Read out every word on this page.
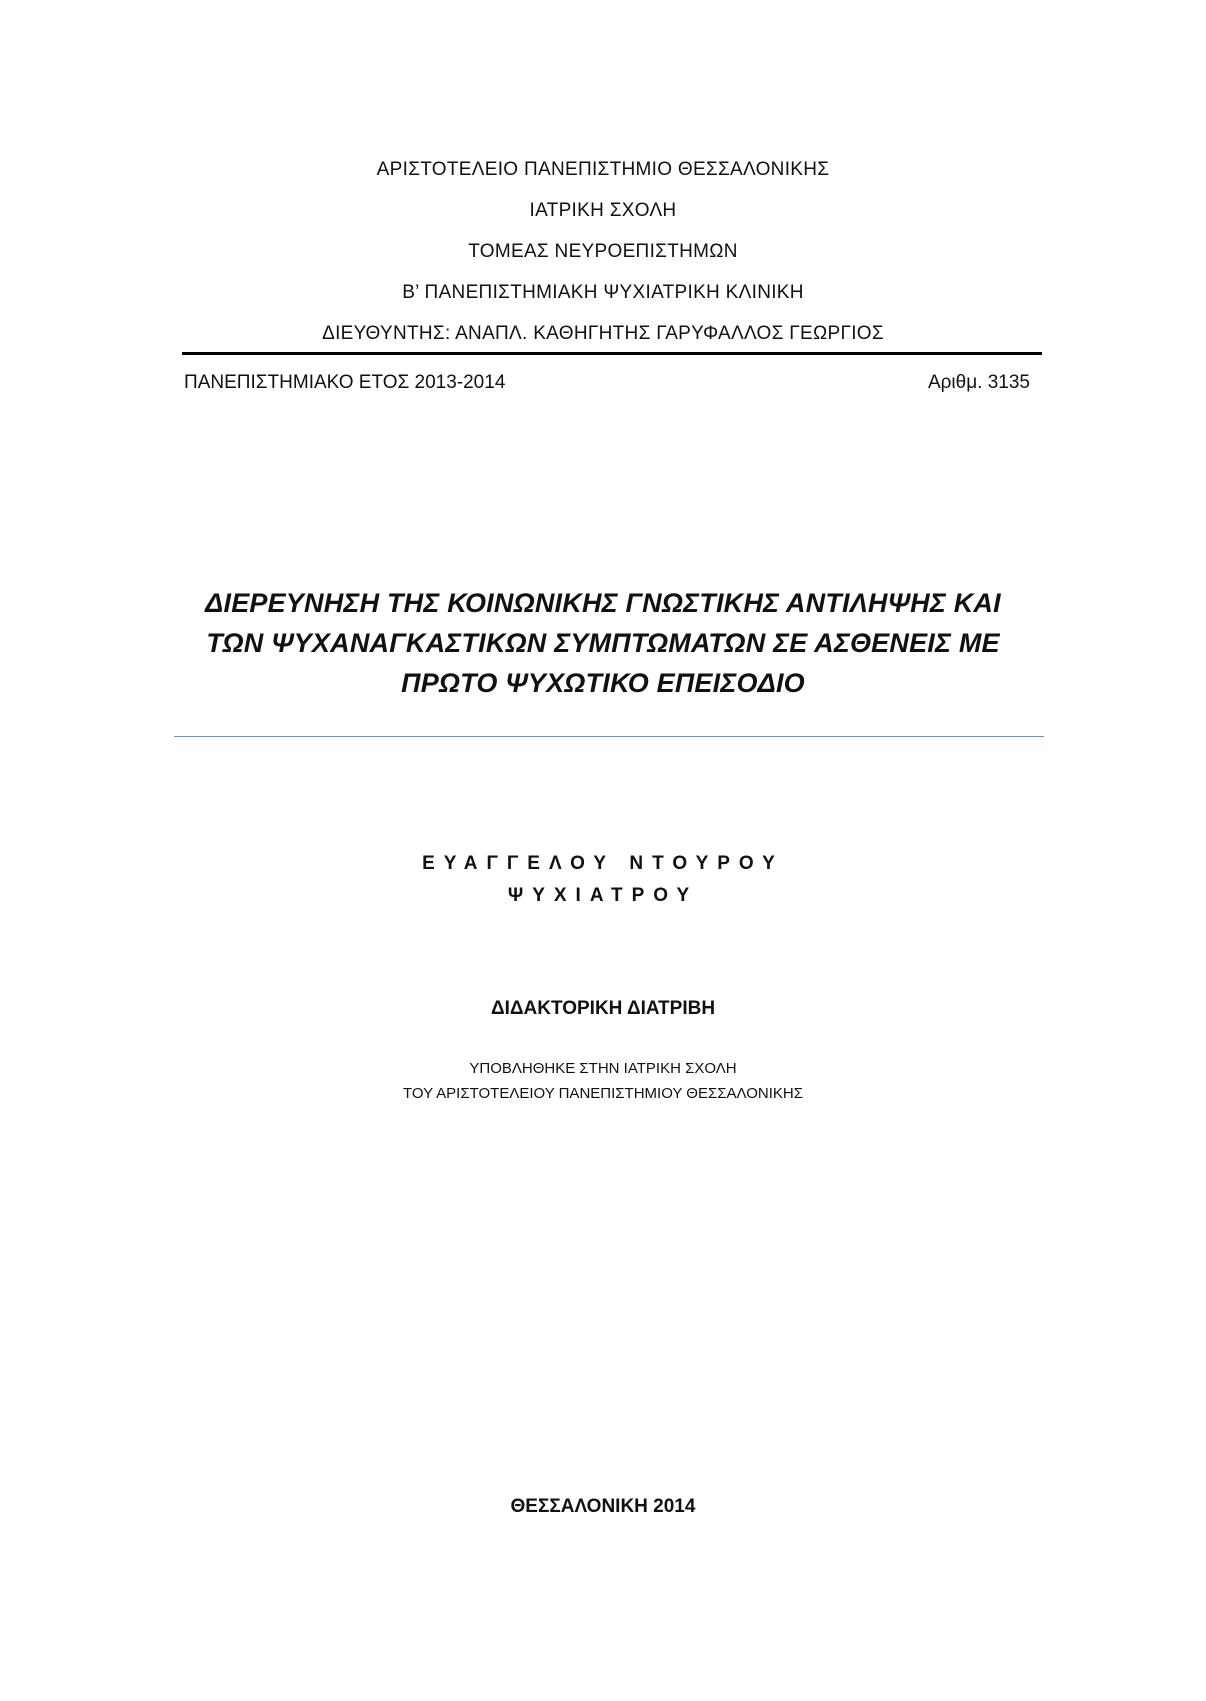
ΑΡΙΣΤΟΤΕΛΕΙΟ ΠΑΝΕΠΙΣΤΗΜΙΟ ΘΕΣΣΑΛΟΝΙΚΗΣ
ΙΑΤΡΙΚΗ ΣΧΟΛΗ
ΤΟΜΕΑΣ ΝΕΥΡΟΕΠΙΣΤΗΜΩΝ
Β’ ΠΑΝΕΠΙΣΤΗΜΙΑΚΗ ΨΥΧΙΑΤΡΙΚΗ ΚΛΙΝΙΚΗ
ΔΙΕΥΘΥΝΤΗΣ: ΑΝΑΠΛ. ΚΑΘΗΓΗΤΗΣ ΓΑΡΥΦΑΛΛΟΣ ΓΕΩΡΓΙΟΣ
ΠΑΝΕΠΙΣΤΗΜΙΑΚΟ ΕΤΟΣ 2013-2014	Αριθμ. 3135
ΔΙΕΡΕΥΝΗΣΗ ΤΗΣ ΚΟΙΝΩΝΙΚΗΣ ΓΝΩΣΤΙΚΗΣ ΑΝΤΙΛΗΨΗΣ ΚΑΙ
ΤΩΝ ΨΥΧΑΝΑΓΚΑΣΤΙΚΩΝ ΣΥΜΠΤΩΜΑΤΩΝ ΣΕ ΑΣΘΕΝΕΙΣ ΜΕ
ΠΡΩΤΟ ΨΥΧΩΤΙΚΟ ΕΠΕΙΣΟΔΙΟ
ΕΥΑΓΓΕΛΟΥ ΝΤΟΥΡΟΥ
ΨΥΧΙΑΤΡΟΥ
ΔΙΔΑΚΤΟΡΙΚΗ ΔΙΑΤΡΙΒΗ
ΥΠΟΒΛΗΘΗΚΕ ΣΤΗΝ ΙΑΤΡΙΚΗ ΣΧΟΛΗ
ΤΟΥ ΑΡΙΣΤΟΤΕΛΕΙΟΥ ΠΑΝΕΠΙΣΤΗΜΙΟΥ ΘΕΣΣΑΛΟΝΙΚΗΣ
ΘΕΣΣΑΛΟΝΙΚΗ 2014
